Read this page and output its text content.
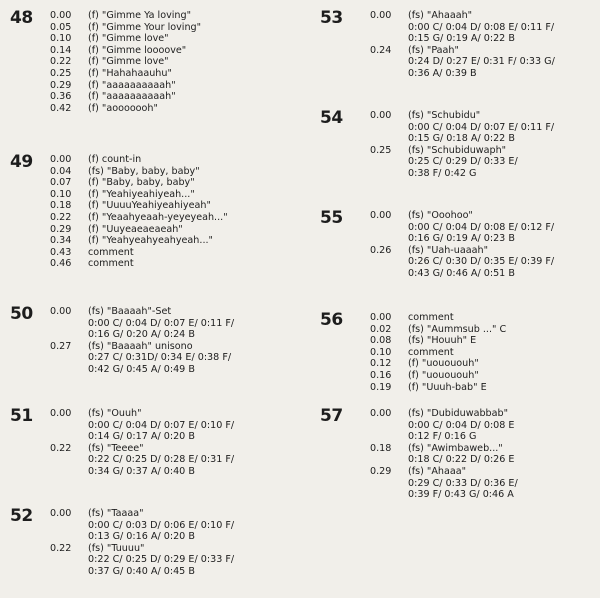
48 0.00 (f) "Gimme Ya loving"
0.05 (f) "Gimme Your loving"
0.10 (f) "Gimme love"
0.14 (f) "Gimme loooove"
0.22 (f) "Gimme love"
0.25 (f) "Hahahaauhu"
0.29 (f) "aaaaaaaaaah"
0.36 (f) "aaaaaaaaaah"
0.42 (f) "aooooooh"
49 0.00 (f) count-in
0.04 (fs) "Baby, baby, baby"
0.07 (f) "Baby, baby, baby"
0.10 (f) "Yeahiyeahiyeah..."
0.18 (f) "UuuuYeahiyeahiyeah"
0.22 (f) "Yeaahyeaah-yeyeyeah..."
0.29 (f) "Uuyeaeaeaeah"
0.34 (f) "Yeahyeahyeahyeah..."
0.43 comment
0.46 comment
50 0.00 (fs) "Baaaah"-Set
0:00 C/ 0:04 D/ 0:07 E/ 0:11 F/
0:16 G/ 0:20 A/ 0:24 B
0.27 (fs) "Baaaah" unisono
0:27 C/ 0:31D/ 0:34 E/ 0:38 F/
0:42 G/ 0:45 A/ 0:49 B
51 0.00 (fs) "Ouuh"
0:00 C/ 0:04 D/ 0:07 E/ 0:10 F/
0:14 G/ 0:17 A/ 0:20 B
0.22 (fs) "Teeee"
0:22 C/ 0:25 D/ 0:28 E/ 0:31 F/
0:34 G/ 0:37 A/ 0:40 B
52 0.00 (fs) "Taaaa"
0:00 C/ 0:03 D/ 0:06 E/ 0:10 F/
0:13 G/ 0:16 A/ 0:20 B
0.22 (fs) "Tuuuu"
0:22 C/ 0:25 D/ 0:29 E/ 0:33 F/
0:37 G/ 0:40 A/ 0:45 B
53	0.00 (fs) "Ahaaah"
0:00 C/ 0:04 D/ 0:08 E/ 0:11 F/
0:15 G/ 0:19 A/ 0:22 B
0.24 (fs) "Paah"
0:24 D/ 0:27 E/ 0:31 F/ 0:33 G/
0:36 A/ 0:39 B
54	0.00 (fs) "Schubidu"
0:00 C/ 0:04 D/ 0:07 E/ 0:11 F/
0:15 G/ 0:18 A/ 0:22 B
0.25 (fs) "Schubiduwaph"
0:25 C/ 0:29 D/ 0:33 E/
0:38 F/ 0:42 G
55	0.00 (fs) "Ooohoo"
0:00 C/ 0:04 D/ 0:08 E/ 0:12 F/
0:16 G/ 0:19 A/ 0:23 B
0.26 (fs) "Uah-uaaah"
0:26 C/ 0:30 D/ 0:35 E/ 0:39 F/
0:43 G/ 0:46 A/ 0:51 B
56	0.00 comment
0.02 (fs) "Aummsub ..." C
0.08 (fs) "Houuh" E
0.10 comment
0.12 (f) "uouououh"
0.16 (f) "uouououh"
0.19 (f) "Uuuh-bab" E
57	0.00 (fs) "Dubiduwabbab"
0:00 C/ 0:04 D/ 0:08 E
0:12 F/ 0:16 G
0.18 (fs) "Awimbaweb..."
0:18 C/ 0:22 D/ 0:26 E
0.29 (fs) "Ahaaa"
0:29 C/ 0:33 D/ 0:36 E/
0:39 F/ 0:43 G/ 0:46 A
